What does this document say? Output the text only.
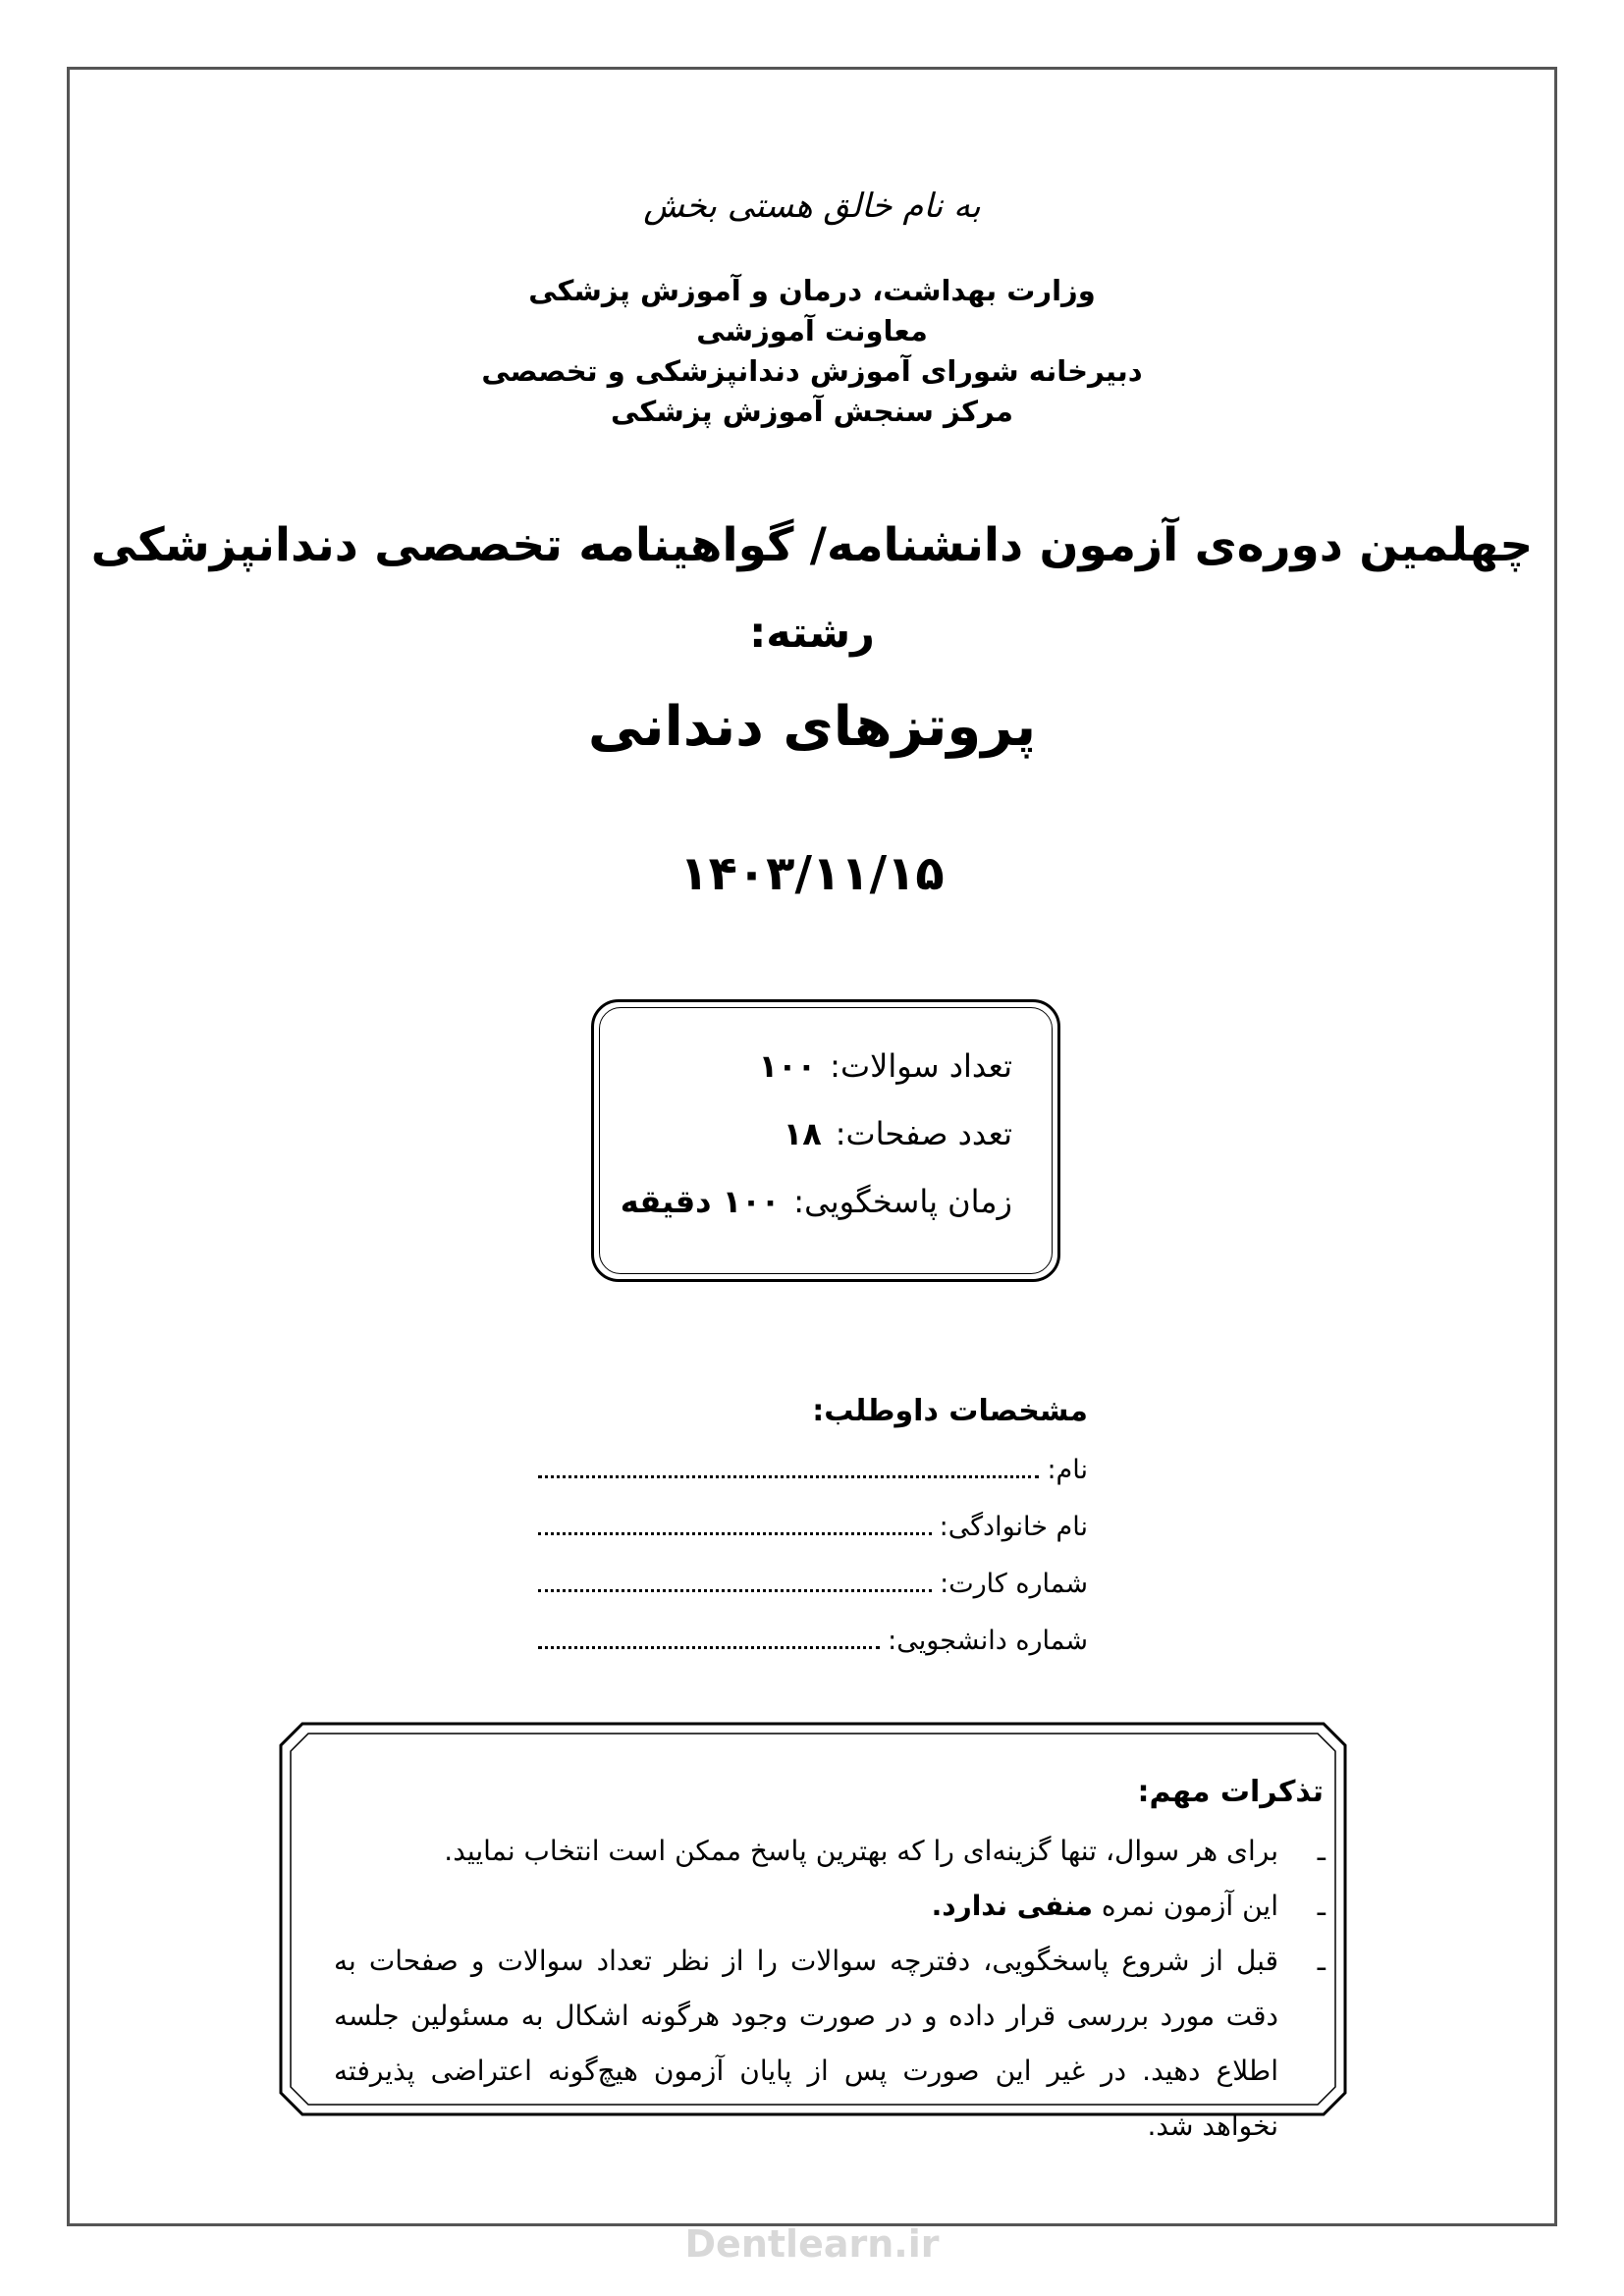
به نام خالق هستی بخش
وزارت بهداشت، درمان و آموزش پزشکی
معاونت آموزشی
دبیرخانه شورای آموزش دندانپزشکی و تخصصی
مرکز سنجش آموزش پزشکی
چهلمین دوره‌ی آزمون دانشنامه/ گواهینامه تخصصی دندانپزشکی
رشته:
پروتزهای دندانی
۱۴۰۳/۱۱/۱۵
تعداد سوالات:۱۰۰
تعدد صفحات:۱۸
زمان پاسخگویی:۱۰۰ دقیقه
مشخصات داوطلب:
نام:
نام خانوادگی:
شماره کارت:
شماره دانشجویی:
تذکرات مهم:
ـ برای هر سوال، تنها گزینه‌ای را که بهترین پاسخ ممکن است انتخاب نمایید.
ـ این آزمون نمره منفی ندارد.
ـ قبل از شروع پاسخگویی، دفترچه سوالات را از نظر تعداد سوالات و صفحات به دقت مورد بررسی قرار داده و در صورت وجود هرگونه اشکال به مسئولین جلسه اطلاع دهید. در غیر این صورت پس از پایان آزمون هیچ‌گونه اعتراضی پذیرفته نخواهد شد.
Dentlearn.ir
